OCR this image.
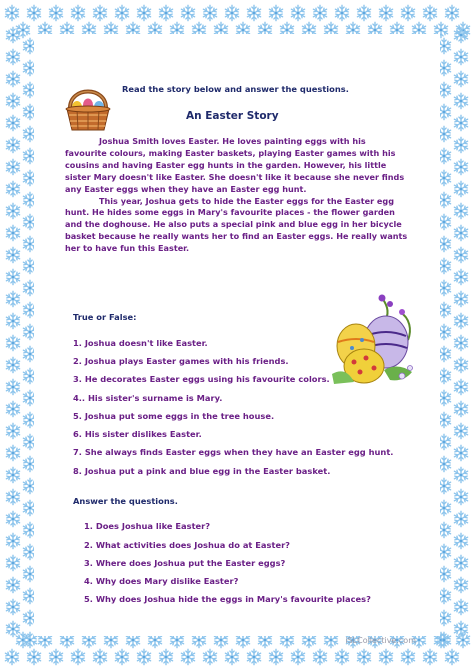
Read the story below and answer the questions.
An Easter Story

Joshua Smith loves Easter. He loves painting eggs with his favourite colours, making Easter baskets, playing Easter games with his cousins and having Easter egg hunts in the garden. However, his little sister Mary doesn't like Easter. She doesn't like it because she never finds any Easter eggs when they have an Easter egg hunt.

This year, Joshua gets to hide the Easter eggs for the Easter egg hunt. He hides some eggs in Mary's favourite places - the flower garden and the doghouse. He also puts a special pink and blue egg in her bicycle basket because he really wants her to find an Easter eggs. He really wants her to have fun this Easter.

True or False:
1. Joshua doesn't like Easter.
2. Joshua plays Easter games with his friends.
3. He decorates Easter eggs using his favourite colors.
4.. His sister's surname is Mary.
5. Joshua put some eggs in the tree house.
6. His sister dislikes Easter.
7. She always finds Easter eggs when they have an Easter egg hunt.
8. Joshua put a pink and blue egg in the Easter basket.
Answer the questions.
1. Does Joshua like Easter?
2. What activities does Joshua do at Easter?
3. Where does Joshua put the Easter eggs?
4. Why does Mary dislike Easter?
5. Why does Joshua hide the eggs in Mary's favourite places?
iSLCollective.com
